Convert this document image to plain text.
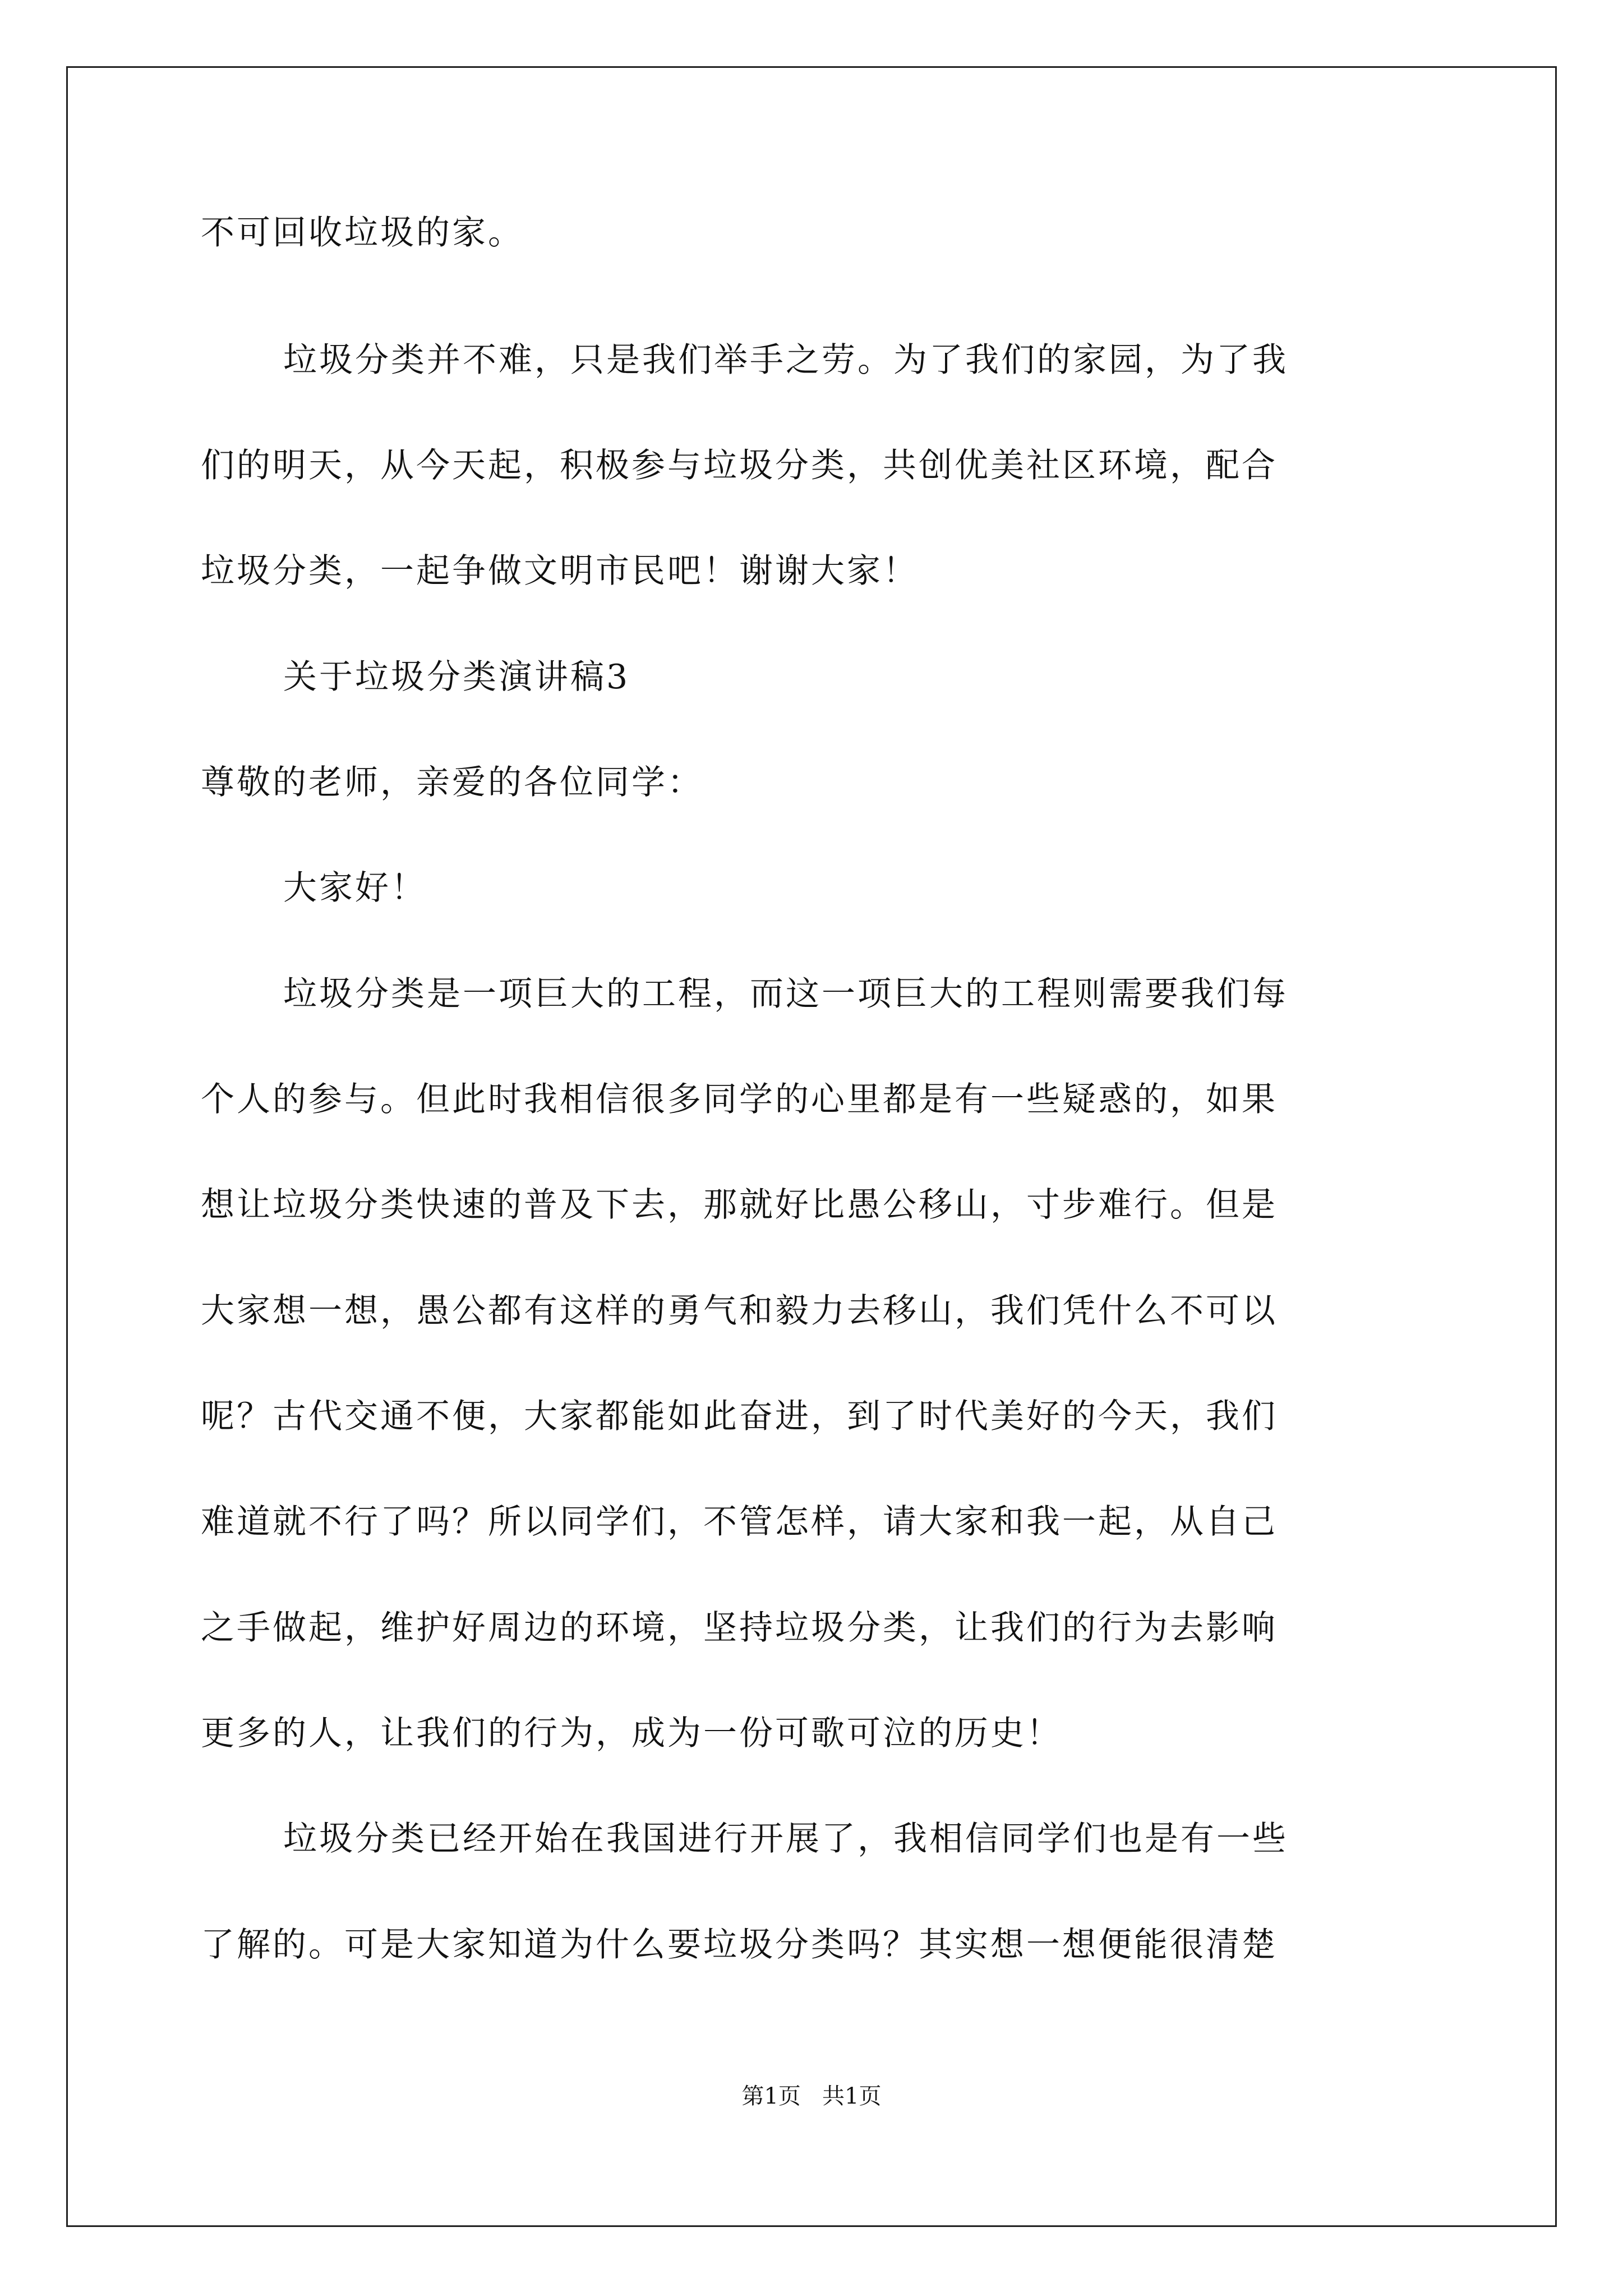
不可回收垃圾的家。
垃圾分类并不难，只是我们举手之劳。为了我们的家园，为了我
们的明天，从今天起，积极参与垃圾分类，共创优美社区环境，配合
垃圾分类，一起争做文明市民吧！谢谢大家！
关于垃圾分类演讲稿3
尊敬的老师，亲爱的各位同学：
大家好！
垃圾分类是一项巨大的工程，而这一项巨大的工程则需要我们每
个人的参与。但此时我相信很多同学的心里都是有一些疑惑的，如果
想让垃圾分类快速的普及下去，那就好比愚公移山，寸步难行。但是
大家想一想，愚公都有这样的勇气和毅力去移山，我们凭什么不可以
呢？古代交通不便，大家都能如此奋进，到了时代美好的今天，我们
难道就不行了吗？所以同学们，不管怎样，请大家和我一起，从自己
之手做起，维护好周边的环境，坚持垃圾分类，让我们的行为去影响
更多的人，让我们的行为，成为一份可歌可泣的历史！
垃圾分类已经开始在我国进行开展了，我相信同学们也是有一些
了解的。可是大家知道为什么要垃圾分类吗？其实想一想便能很清楚
第1页   共1页
